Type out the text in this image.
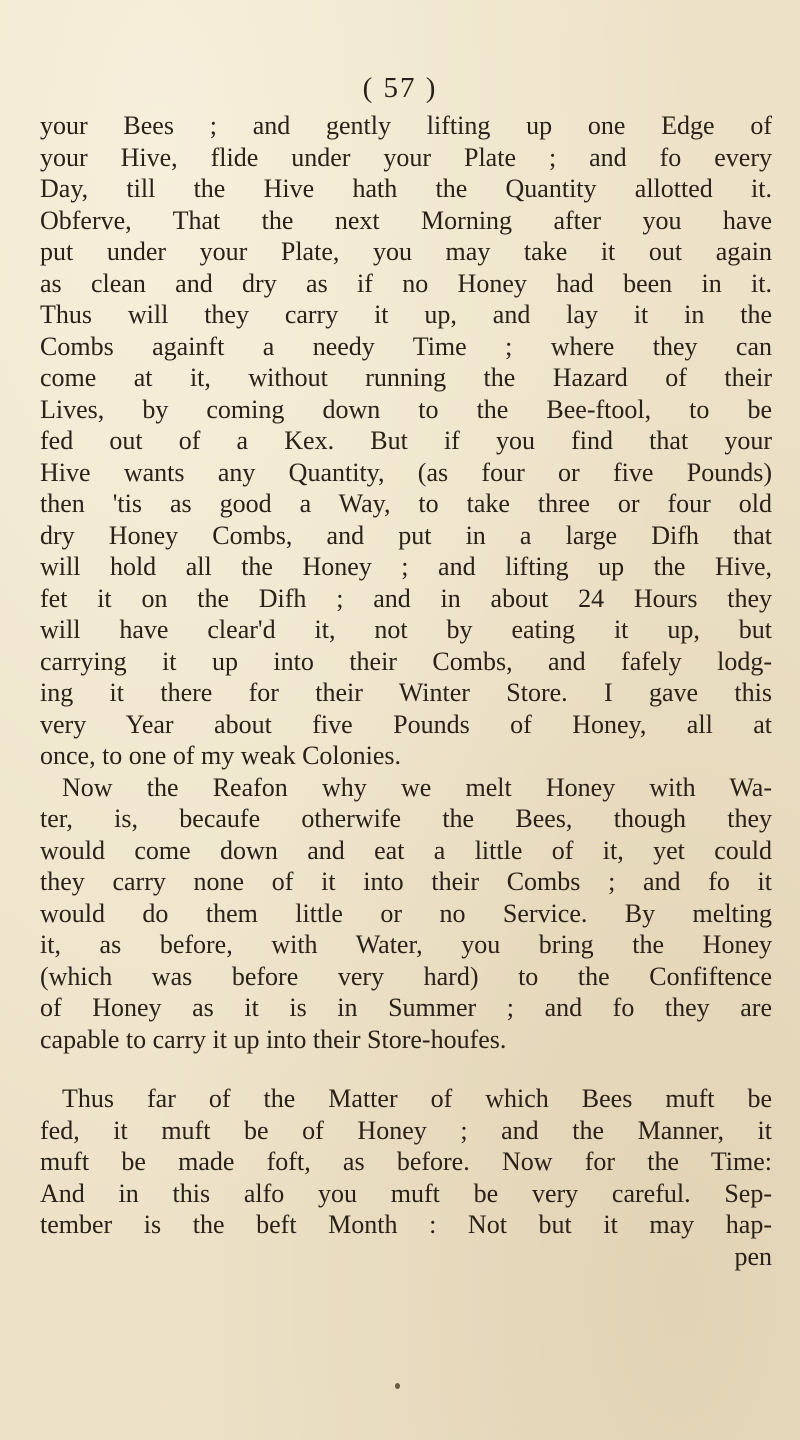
( 57 )
your Bees ; and gently lifting up one Edge of
your Hive, flide under your Plate ; and fo every
Day, till the Hive hath the Quantity allotted it.
Obferve, That the next Morning after you have
put under your Plate, you may take it out again
as clean and dry as if no Honey had been in it.
Thus will they carry it up, and lay it in the
Combs againft a needy Time ; where they can
come at it, without running the Hazard of their
Lives, by coming down to the Bee-ftool, to be
fed out of a Kex. But if you find that your
Hive wants any Quantity, (as four or five Pounds)
then 'tis as good a Way, to take three or four old
dry Honey Combs, and put in a large Difh that
will hold all the Honey ; and lifting up the Hive,
fet it on the Difh ; and in about 24 Hours they
will have clear'd it, not by eating it up, but
carrying it up into their Combs, and fafely lodg-
ing it there for their Winter Store. I gave this
very Year about five Pounds of Honey, all at
once, to one of my weak Colonies.
Now the Reafon why we melt Honey with Wa-
ter, is, becaufe otherwife the Bees, though they
would come down and eat a little of it, yet could
they carry none of it into their Combs ; and fo it
would do them little or no Service. By melting
it, as before, with Water, you bring the Honey
(which was before very hard) to the Confiftence
of Honey as it is in Summer ; and fo they are
capable to carry it up into their Store-houfes.
Thus far of the Matter of which Bees muft be
fed, it muft be of Honey ; and the Manner, it
muft be made foft, as before. Now for the Time:
And in this alfo you muft be very careful. Sep-
tember is the beft Month : Not but it may hap-
pen
